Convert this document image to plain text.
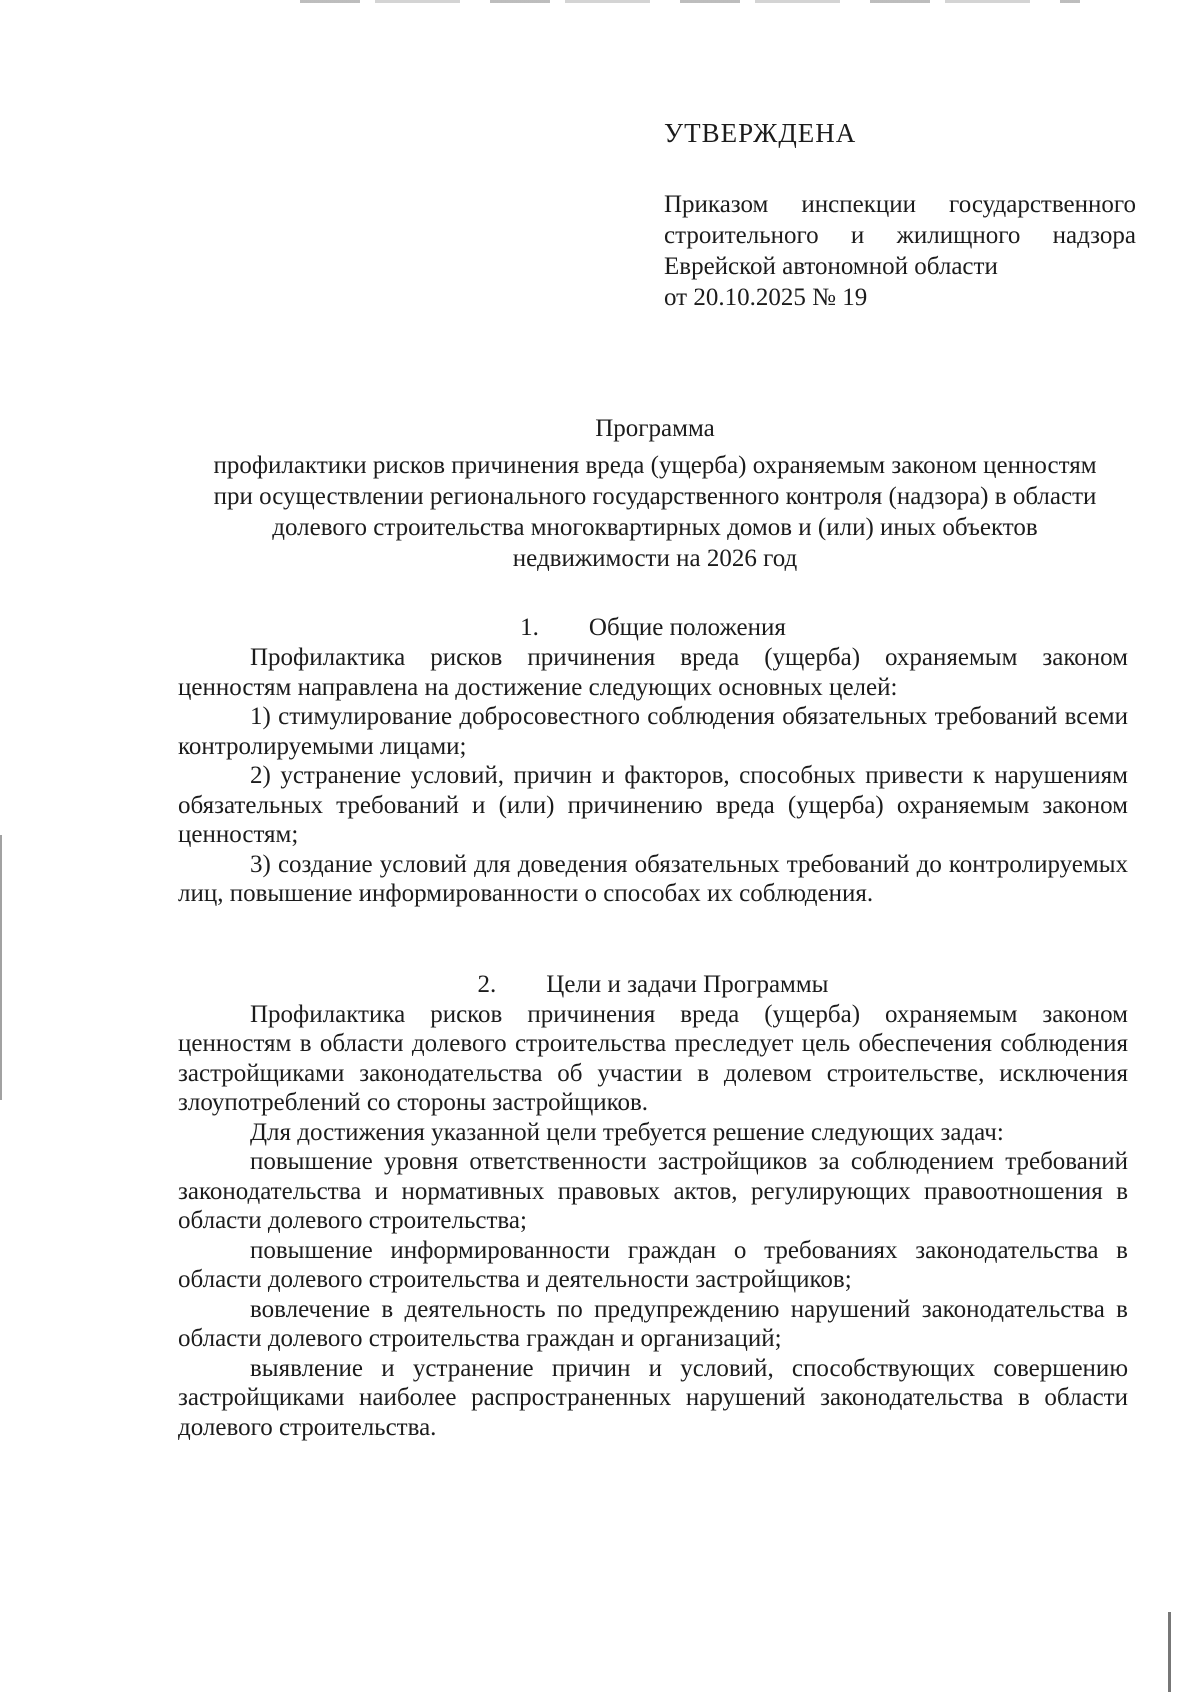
УТВЕРЖДЕНА

Приказом инспекции государственного строительного и жилищного надзора Еврейской автономной области

от 20.10.2025 № 19

Программа

профилактики рисков причинения вреда (ущерба) охраняемым законом ценностям при осуществлении регионального государственного контроля (надзора) в области долевого строительства многоквартирных домов и (или) иных объектов недвижимости на 2026 год

1. Общие положения

Профилактика рисков причинения вреда (ущерба) охраняемым законом ценностям направлена на достижение следующих основных целей:

1) стимулирование добросовестного соблюдения обязательных требований всеми контролируемыми лицами;

2) устранение условий, причин и факторов, способных привести к нарушениям обязательных требований и (или) причинению вреда (ущерба) охраняемым законом ценностям;

3) создание условий для доведения обязательных требований до контролируемых лиц, повышение информированности о способах их соблюдения.

2. Цели и задачи Программы

Профилактика рисков причинения вреда (ущерба) охраняемым законом ценностям в области долевого строительства преследует цель обеспечения соблюдения застройщиками законодательства об участии в долевом строительстве, исключения злоупотреблений со стороны застройщиков.

Для достижения указанной цели требуется решение следующих задач:

повышение уровня ответственности застройщиков за соблюдением требований законодательства и нормативных правовых актов, регулирующих правоотношения в области долевого строительства;

повышение информированности граждан о требованиях законодательства в области долевого строительства и деятельности застройщиков;

вовлечение в деятельность по предупреждению нарушений законодательства в области долевого строительства граждан и организаций;

выявление и устранение причин и условий, способствующих совершению застройщиками наиболее распространенных нарушений законодательства в области долевого строительства.
